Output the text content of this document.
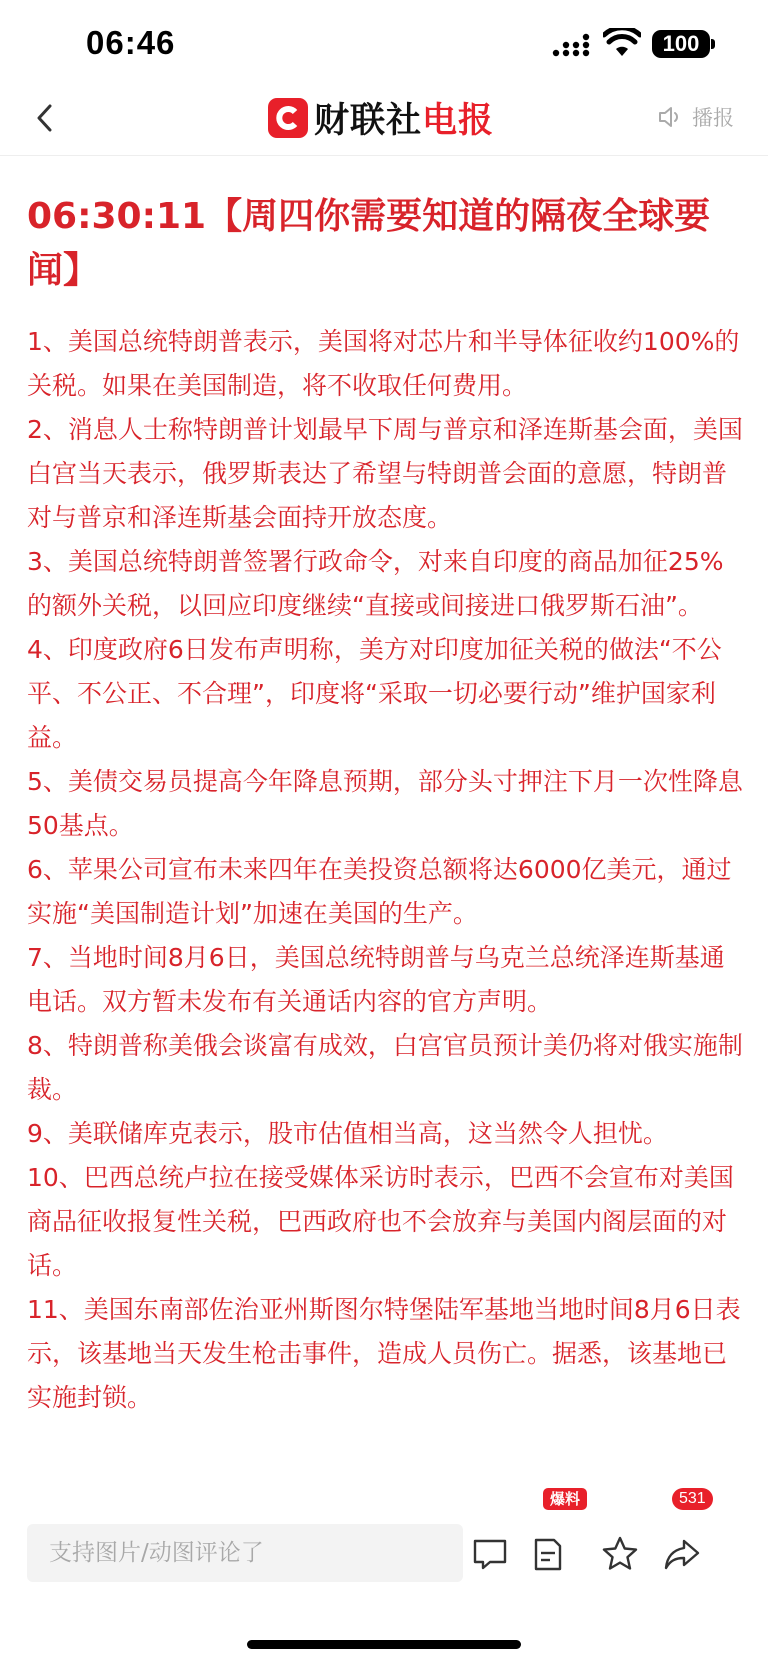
06:46	100
财联社 电报	播报
06:30:11【周四你需要知道的隔夜全球要闻】

1、美国总统特朗普表示，美国将对芯片和半导体征收约100%的关税。如果在美国制造，将不收取任何费用。

2、消息人士称特朗普计划最早下周与普京和泽连斯基会面，美国白宫当天表示，俄罗斯表达了希望与特朗普会面的意愿，特朗普对与普京和泽连斯基会面持开放态度。

3、美国总统特朗普签署行政命令，对来自印度的商品加征25%的额外关税，以回应印度继续“直接或间接进口俄罗斯石油”。

4、印度政府6日发布声明称，美方对印度加征关税的做法“不公平、不公正、不合理”，印度将“采取一切必要行动”维护国家利益。

5、美债交易员提高今年降息预期，部分头寸押注下月一次性降息50基点。

6、苹果公司宣布未来四年在美投资总额将达6000亿美元，通过实施“美国制造计划”加速在美国的生产。

7、当地时间8月6日，美国总统特朗普与乌克兰总统泽连斯基通电话。双方暂未发布有关通话内容的官方声明。

8、特朗普称美俄会谈富有成效，白宫官员预计美仍将对俄实施制裁。

9、美联储库克表示，股市估值相当高，这当然令人担忧。

10、巴西总统卢拉在接受媒体采访时表示，巴西不会宣布对美国商品征收报复性关税，巴西政府也不会放弃与美国内阁层面的对话。

11、美国东南部佐治亚州斯图尔特堡陆军基地当地时间8月6日表示，该基地当天发生枪击事件，造成人员伤亡。据悉，该基地已实施封锁。

支持图片/动图评论了
爆料	531
